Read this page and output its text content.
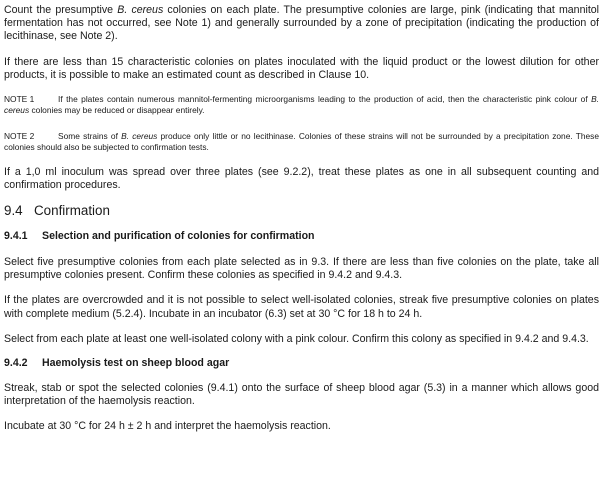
Count the presumptive B. cereus colonies on each plate. The presumptive colonies are large, pink (indicating that mannitol fermentation has not occurred, see Note 1) and generally surrounded by a zone of precipitation (indicating the production of lecithinase, see Note 2).

If there are less than 15 characteristic colonies on plates inoculated with the liquid product or the lowest dilution for other products, it is possible to make an estimated count as described in Clause 10.

NOTE 1	If the plates contain numerous mannitol-fermenting microorganisms leading to the production of acid, then the characteristic pink colour of B. cereus colonies may be reduced or disappear entirely.

NOTE 2	Some strains of B. cereus produce only little or no lecithinase. Colonies of these strains will not be surrounded by a precipitation zone. These colonies should also be subjected to confirmation tests.

If a 1,0 ml inoculum was spread over three plates (see 9.2.2), treat these plates as one in all subsequent counting and confirmation procedures.

9.4 Confirmation
9.4.1 Selection and purification of colonies for confirmation

Select five presumptive colonies from each plate selected as in 9.3. If there are less than five colonies on the plate, take all presumptive colonies present. Confirm these colonies as specified in 9.4.2 and 9.4.3.

If the plates are overcrowded and it is not possible to select well-isolated colonies, streak five presumptive colonies on plates with complete medium (5.2.4). Incubate in an incubator (6.3) set at 30 °C for 18 h to 24 h.

Select from each plate at least one well-isolated colony with a pink colour. Confirm this colony as specified in 9.4.2 and 9.4.3.

9.4.2 Haemolysis test on sheep blood agar

Streak, stab or spot the selected colonies (9.4.1) onto the surface of sheep blood agar (5.3) in a manner which allows good interpretation of the haemolysis reaction.

Incubate at 30 °C for 24 h ± 2 h and interpret the haemolysis reaction.
